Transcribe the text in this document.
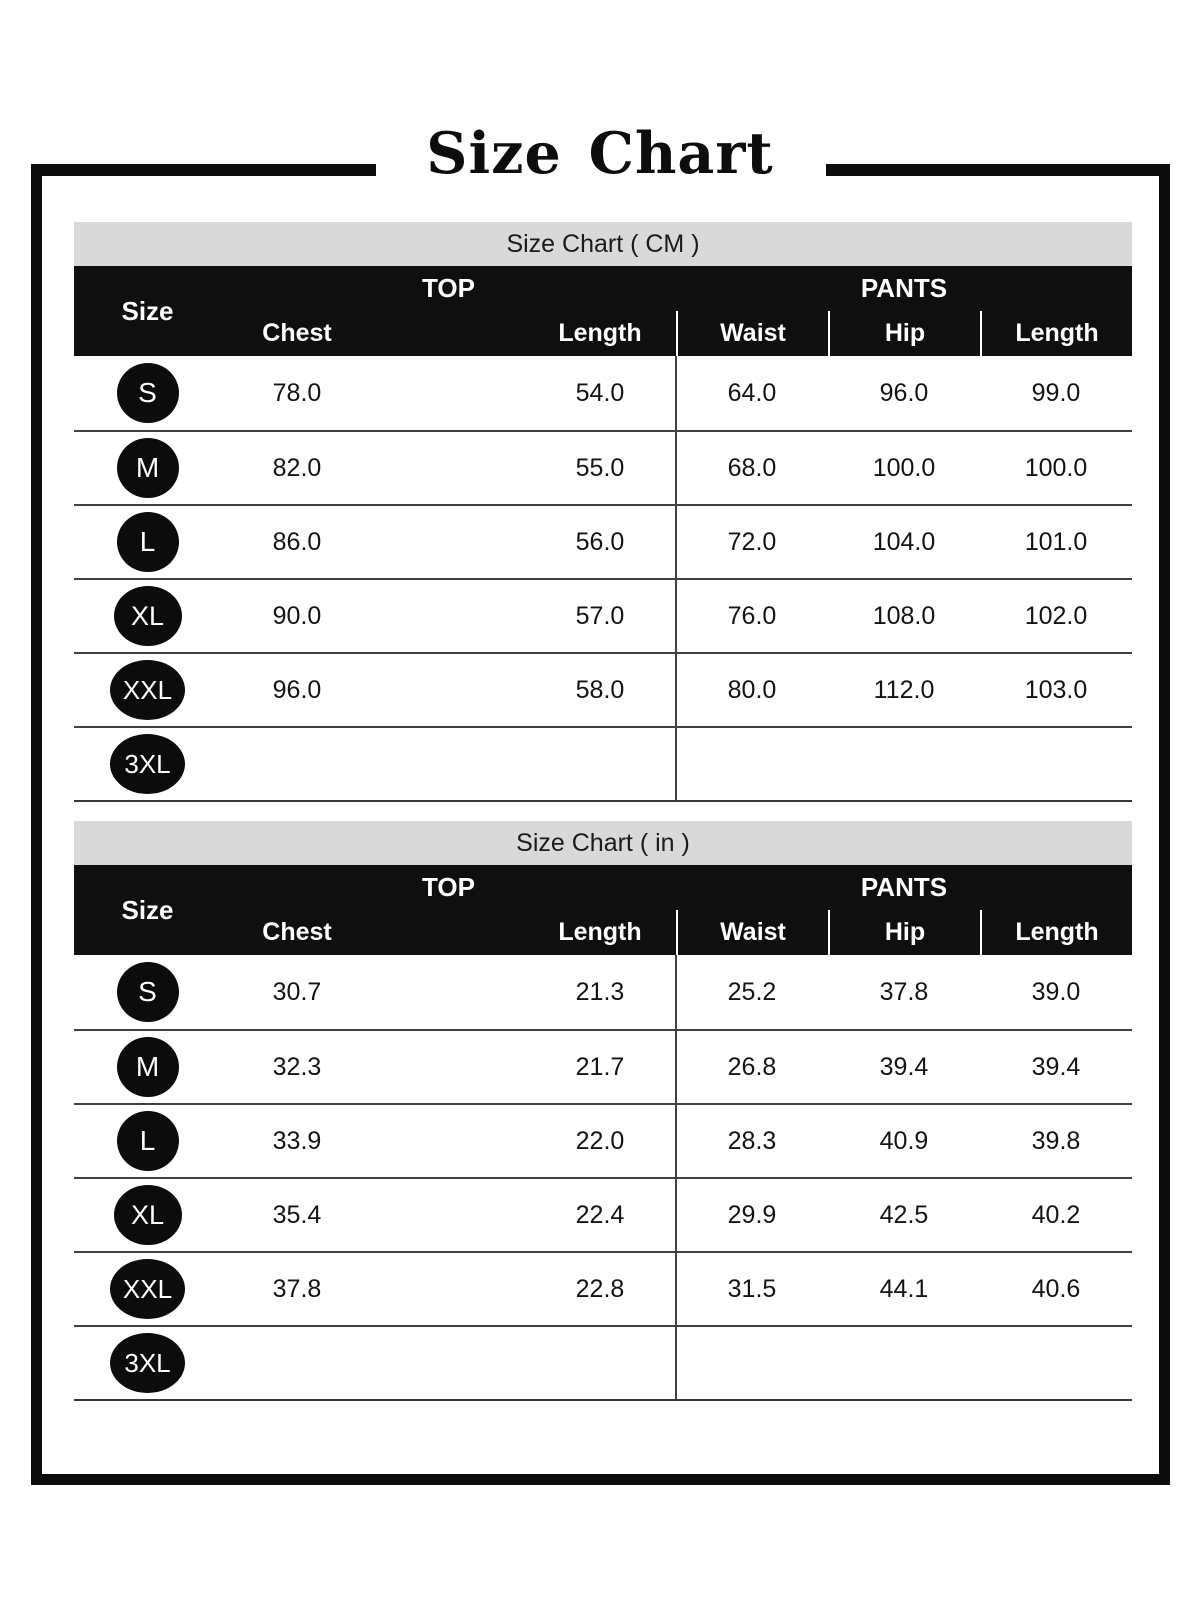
Size Chart
Size Chart ( CM )
Size
TOP	PANTS
Chest	Length	Waist	Hip	Length
S	78.0	54.0	64.0	96.0	99.0
M	82.0	55.0	68.0	100.0	100.0
L	86.0	56.0	72.0	104.0	101.0
XL	90.0	57.0	76.0	108.0	102.0
XXL	96.0	58.0	80.0	112.0	103.0
3XL
Size Chart ( in )
Size
TOP	PANTS
Chest	Length	Waist	Hip	Length
S	30.7	21.3	25.2	37.8	39.0
M	32.3	21.7	26.8	39.4	39.4
L	33.9	22.0	28.3	40.9	39.8
XL	35.4	22.4	29.9	42.5	40.2
XXL	37.8	22.8	31.5	44.1	40.6
3XL
